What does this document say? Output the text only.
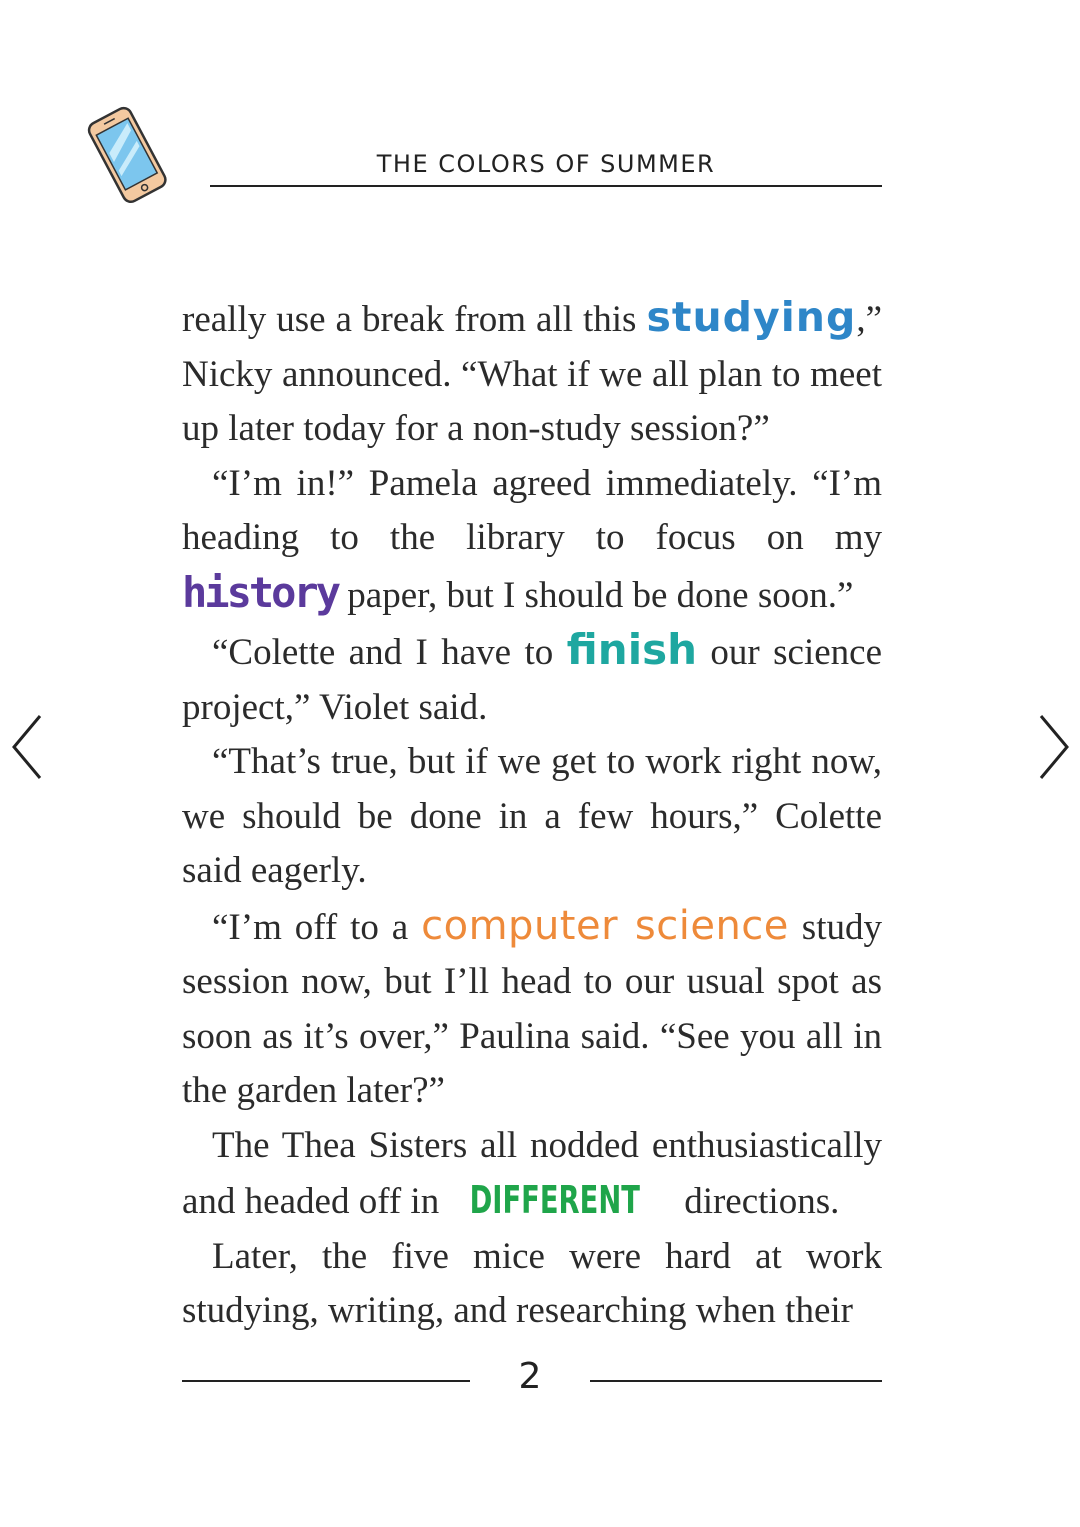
THE COLORS OF SUMMER

really use a break from all this studying,” Nicky announced. “What if we all plan to meet up later today for a non-study session?”

“I’m in!” Pamela agreed immediately. “I’m heading to the library to focus on my history paper, but I should be done soon.”

“Colette and I have to finish our science project,” Violet said.

“That’s true, but if we get to work right now, we should be done in a few hours,” Colette said eagerly.

“I’m off to a computer science study session now, but I’ll head to our usual spot as soon as it’s over,” Paulina said. “See you all in the garden later?”

The Thea Sisters all nodded enthusiastically and headed off in DIFFERENT directions.

Later, the five mice were hard at work studying, writing, and researching when their

2
